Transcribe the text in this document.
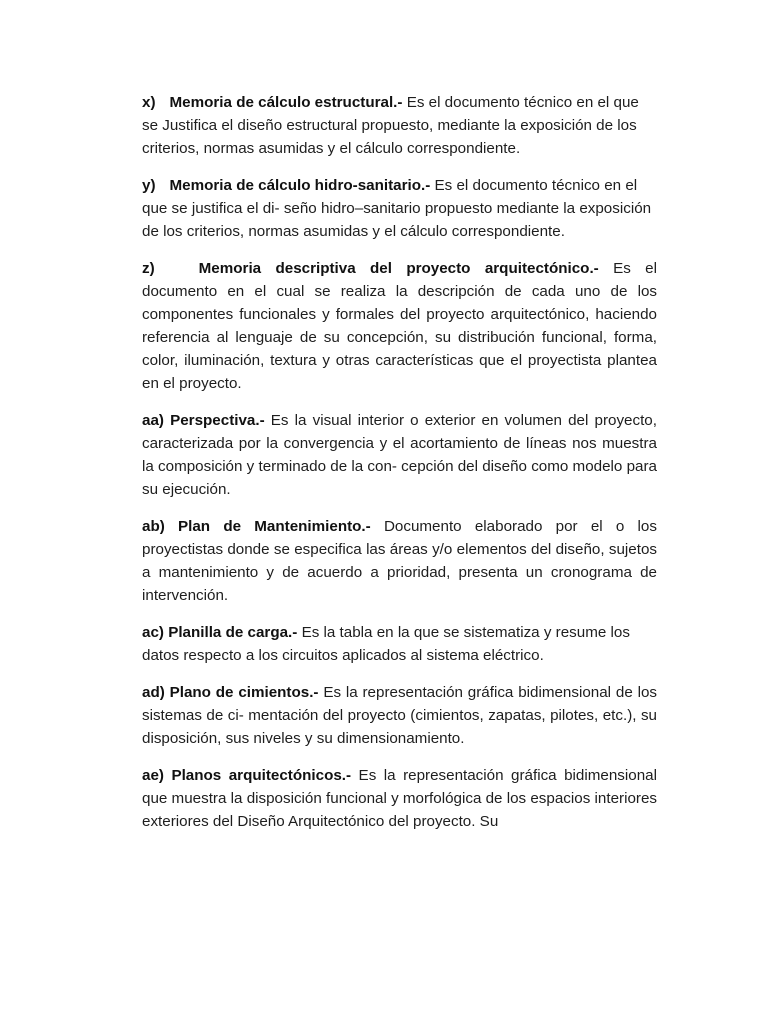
x) Memoria de cálculo estructural.- Es el documento técnico en el que se Justifica el diseño estructural propuesto, mediante la exposición de los criterios, normas asumidas y el cálculo correspondiente.

y) Memoria de cálculo hidro-sanitario.- Es el documento técnico en el que se justifica el di- seño hidro–sanitario propuesto mediante la exposición de los criterios, normas asumidas y el cálculo correspondiente.

z)	Memoria descriptiva del proyecto arquitectónico.- Es el documento en el cual se realiza la descripción de cada uno de los componentes funcionales y formales del proyecto arquitectónico, haciendo referencia al lenguaje de su concepción, su distribución funcional, forma, color, iluminación, textura y otras características que el proyectista plantea en el proyecto.

aa) Perspectiva.- Es la visual interior o exterior en volumen del proyecto, caracterizada por la convergencia y el acortamiento de líneas nos muestra la composición y terminado de la con- cepción del diseño como modelo para su ejecución.

ab) Plan de Mantenimiento.- Documento elaborado por el o los proyectistas donde se especifica las áreas y/o elementos del diseño, sujetos a mantenimiento y de acuerdo a prioridad, presenta un cronograma de intervención.

ac) Planilla de carga.- Es la tabla en la que se sistematiza y resume los datos respecto a los circuitos aplicados al sistema eléctrico.

ad) Plano de cimientos.- Es la representación gráfica bidimensional de los sistemas de ci- mentación del proyecto (cimientos, zapatas, pilotes, etc.), su disposición, sus niveles y su dimensionamiento.

ae) Planos arquitectónicos.- Es la representación gráfica bidimensional que muestra la disposición funcional y morfológica de los espacios interiores exteriores del Diseño Arquitectónico del proyecto. Su
